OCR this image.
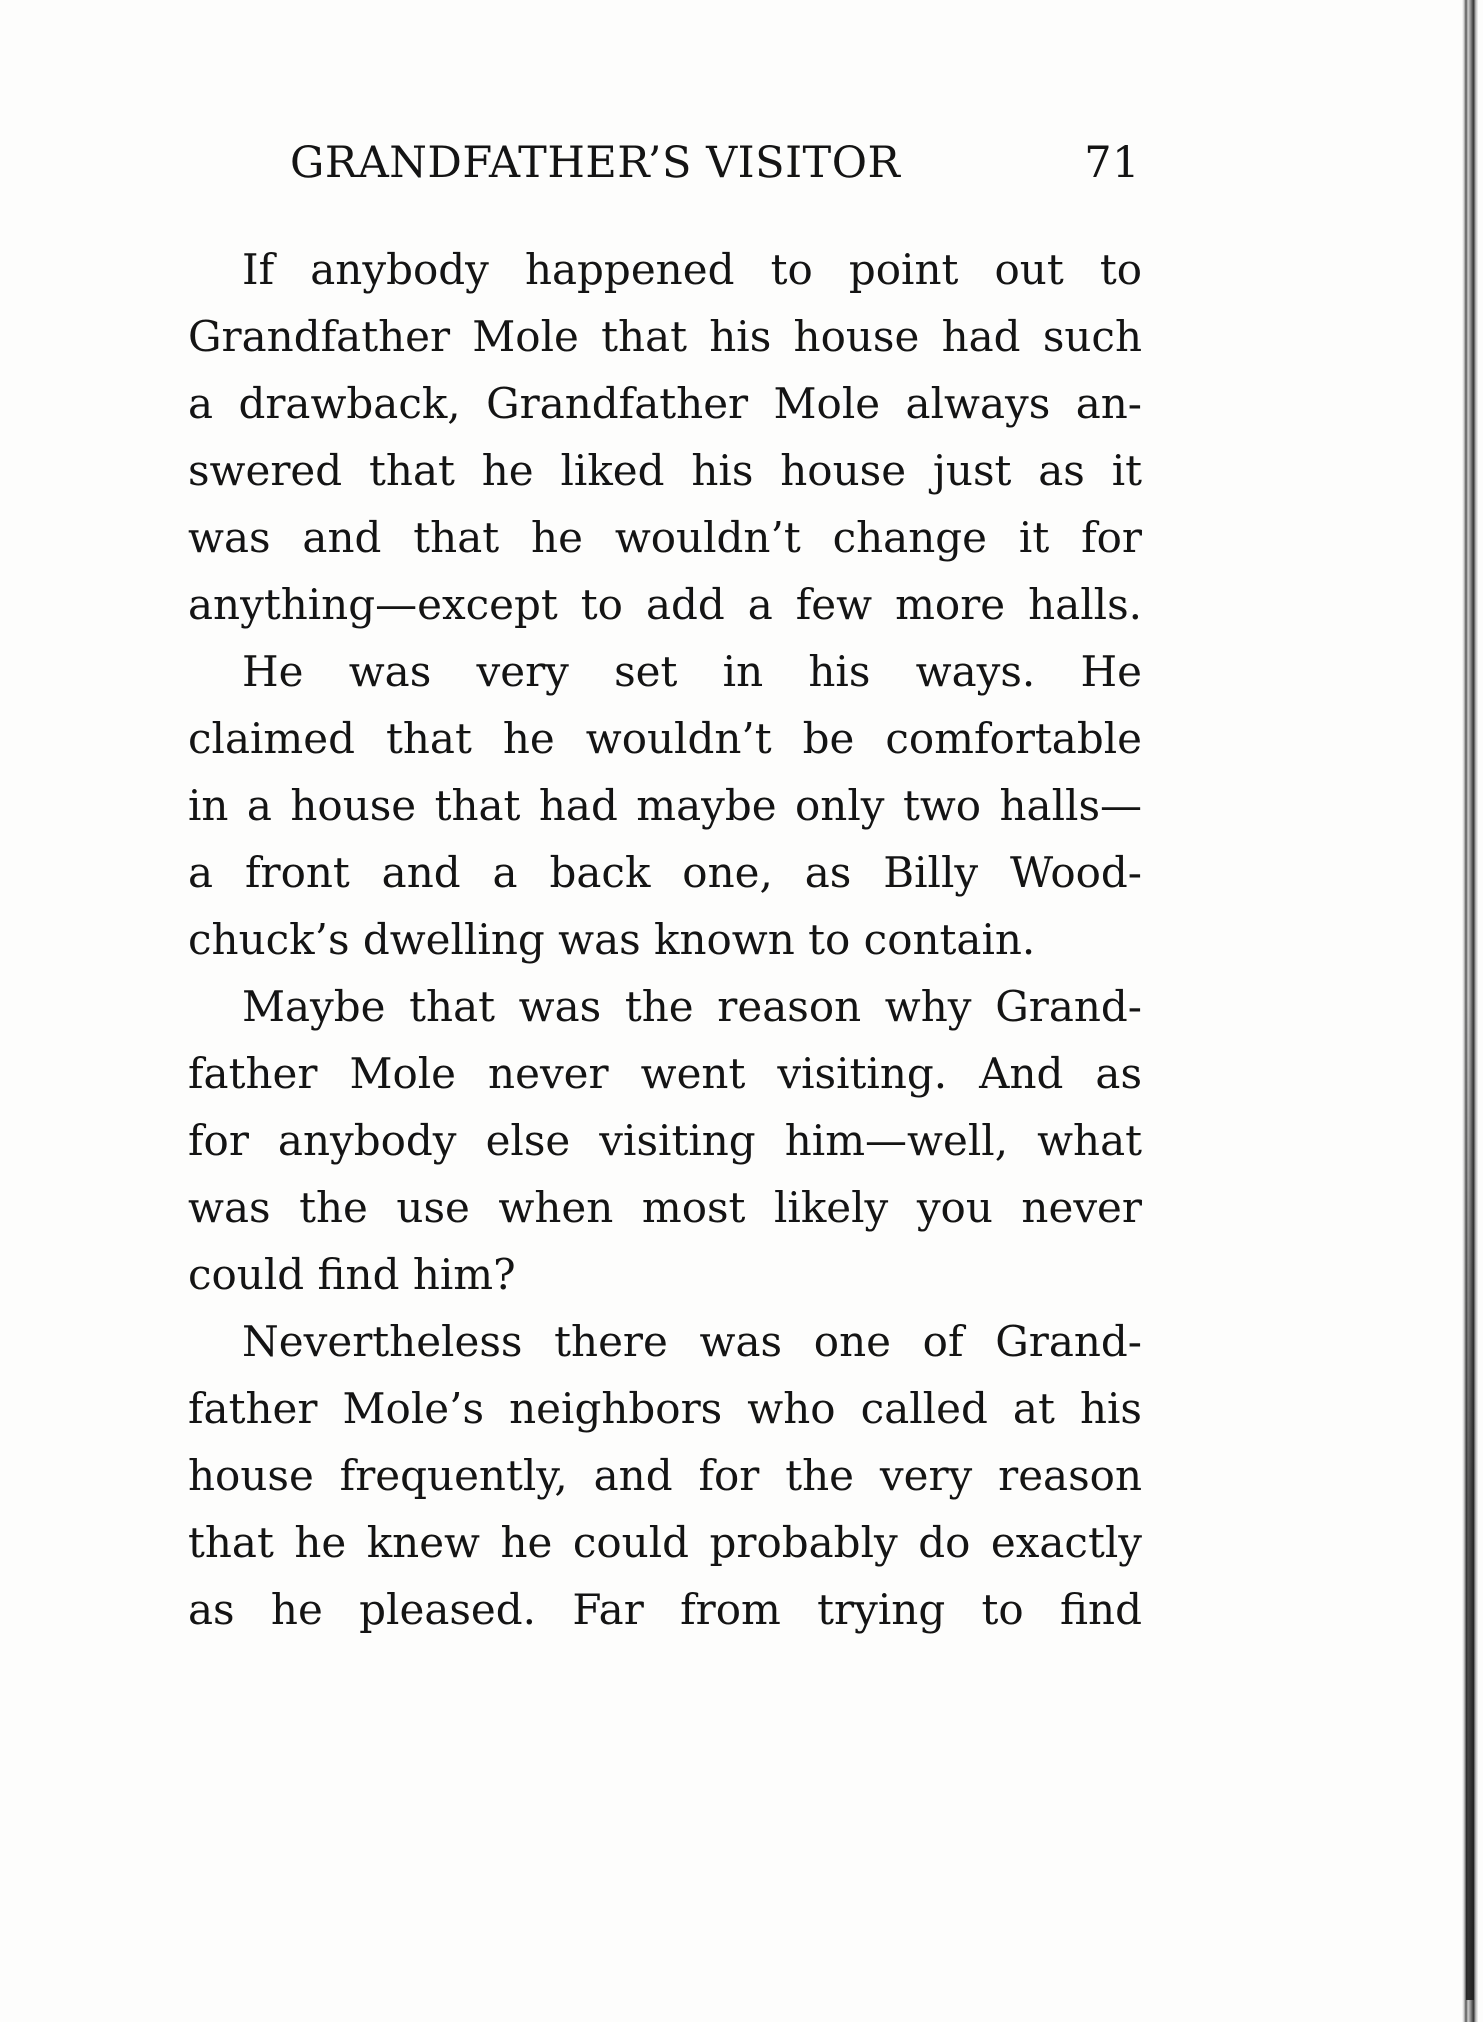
GRANDFATHER’S VISITOR	71
If anybody happened to point out to
Grandfather Mole that his house had such
a drawback, Grandfather Mole always an-
swered that he liked his house just as it
was and that he wouldn’t change it for
anything—except to add a few more halls.
He was very set in his ways. He
claimed that he wouldn’t be comfortable
in a house that had maybe only two halls—
a front and a back one, as Billy Wood-
chuck’s dwelling was known to contain.
Maybe that was the reason why Grand-
father Mole never went visiting. And as
for anybody else visiting him—well, what
was the use when most likely you never
could find him?
Nevertheless there was one of Grand-
father Mole’s neighbors who called at his
house frequently, and for the very reason
that he knew he could probably do exactly
as he pleased. Far from trying to find
